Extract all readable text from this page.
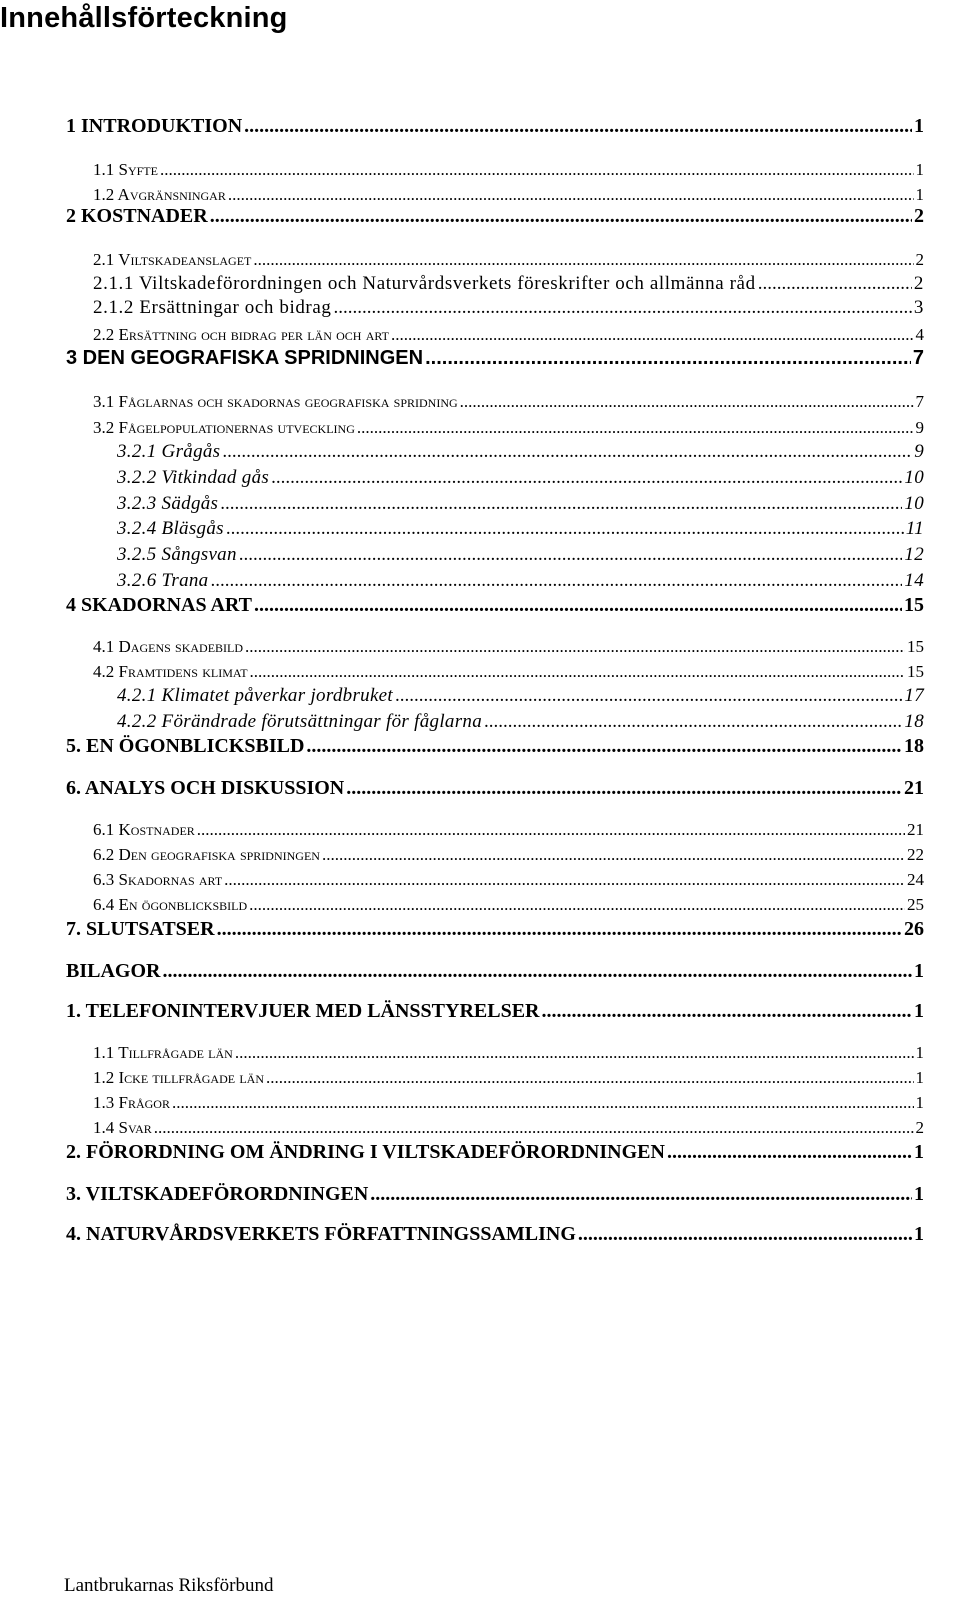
Innehållsförteckning
1 INTRODUKTION .....	1
1.1 Syfte .....	1
1.2 Avgränsningar .....	1
2 KOSTNADER .....	2
2.1 Viltskadeanslaget .....	2
2.1.1 Viltskadeförordningen och Naturvårdsverkets föreskrifter och allmänna råd .....	2
2.1.2 Ersättningar och bidrag .....	3
2.2 Ersättning och bidrag per län och art .....	4
3 DEN GEOGRAFISKA SPRIDNINGEN .....	7
3.1 Fåglarnas och skadornas geografiska spridning .....	7
3.2 Fågelpopulationernas utveckling .....	9
3.2.1 Grågås .....	9
3.2.2 Vitkindad gås .....	10
3.2.3 Sädgås .....	10
3.2.4 Bläsgås .....	11
3.2.5 Sångsvan .....	12
3.2.6 Trana .....	14
4 SKADORNAS ART .....	15
4.1 Dagens skadebild .....	15
4.2 Framtidens klimat .....	15
4.2.1 Klimatet påverkar jordbruket .....	17
4.2.2 Förändrade förutsättningar för fåglarna .....	18
5. EN ÖGONBLICKSBILD .....	18
6. ANALYS OCH DISKUSSION .....	21
6.1 Kostnader .....	21
6.2 Den geografiska spridningen .....	22
6.3 Skadornas art .....	24
6.4 En ögonblicksbild .....	25
7. SLUTSATSER .....	26
BILAGOR .....	1
1. TELEFONINTERVJUER MED LÄNSSTYRELSER .....	1
1.1 Tillfrågade län .....	1
1.2 Icke tillfrågade län .....	1
1.3 Frågor .....	1
1.4 Svar .....	2
2. FÖRORDNING OM ÄNDRING I VILTSKADEFÖRORDNINGEN .....	1
3. VILTSKADEFÖRORDNINGEN .....	1
4. NATURVÅRDSVERKETS FÖRFATTNINGSSAMLING .....	1
Lantbrukarnas Riksförbund
